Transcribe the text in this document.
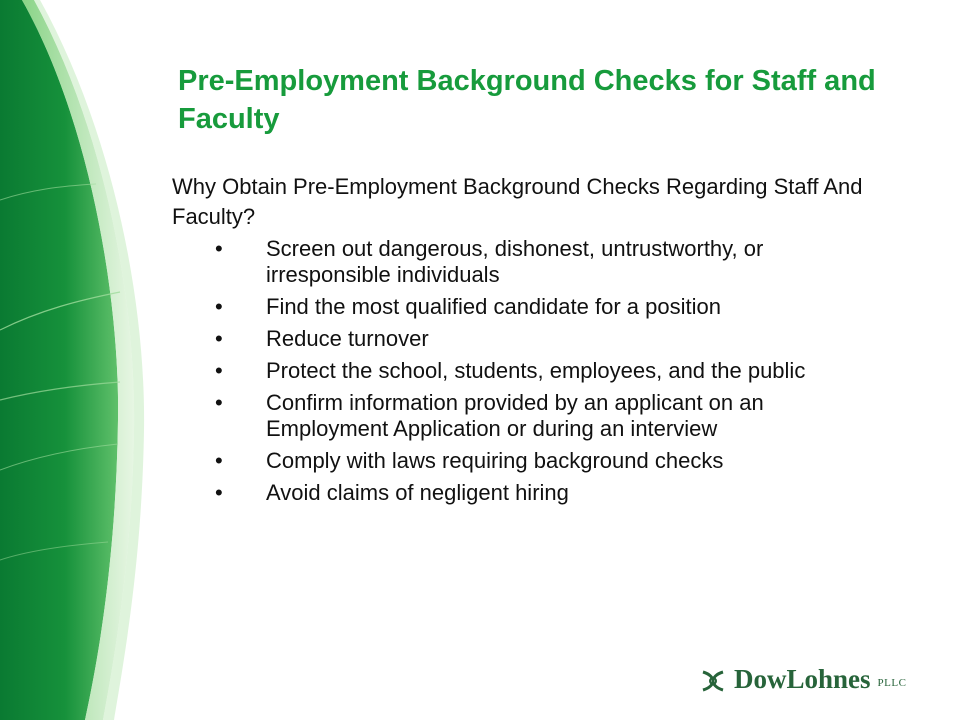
Pre-Employment Background Checks for Staff and Faculty

Why Obtain Pre-Employment Background Checks Regarding Staff And Faculty?

• Screen out dangerous, dishonest, untrustworthy, or irresponsible individuals
• Find the most qualified candidate for a position
• Reduce turnover
• Protect the school, students, employees, and the public
• Confirm information provided by an applicant on an Employment Application or during an interview
• Comply with laws requiring background checks
• Avoid claims of negligent hiring
DowLohnes PLLC
